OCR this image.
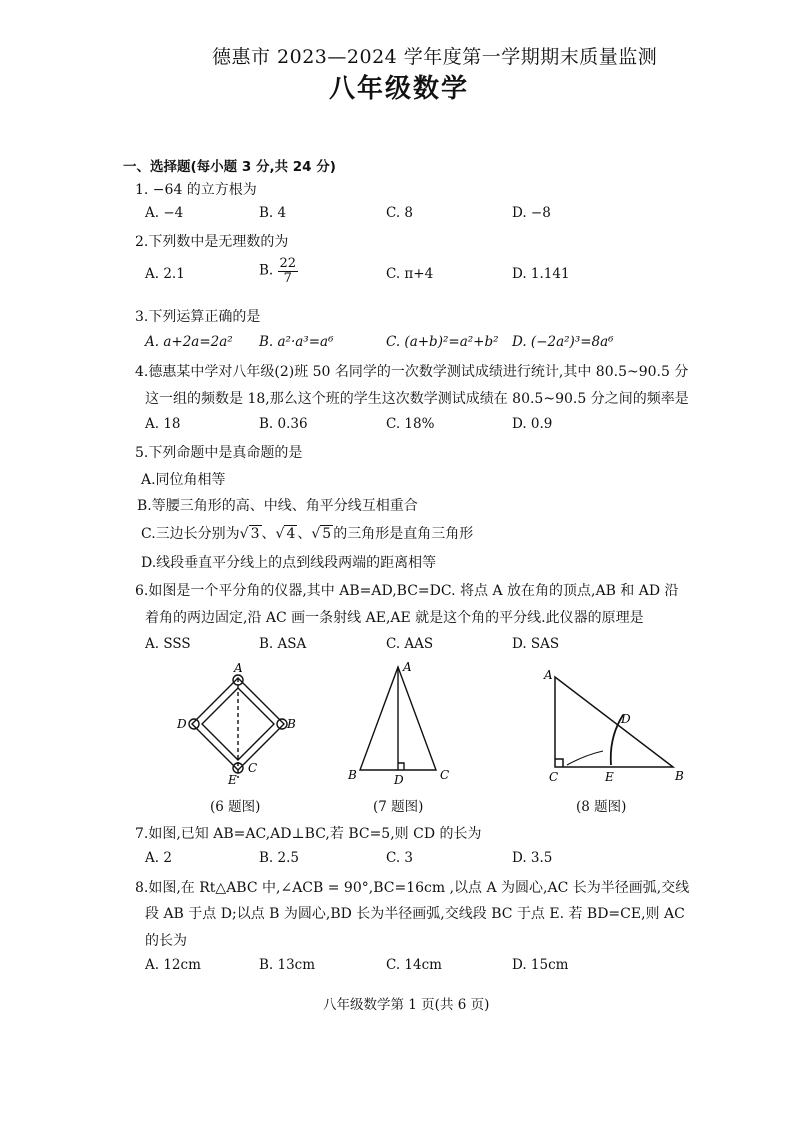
德惠市 2023—2024 学年度第一学期期末质量监测
八年级数学
一、选择题(每小题 3 分,共 24 分)
1. −64 的立方根为
A. −4	B. 4	C. 8	D. −8
2.下列数中是无理数的为
A. 2.1	B. $\frac{22}{7}$	C. π+4	D. 1.141
3.下列运算正确的是
A. a+2a=2a² B. a²·a³=a⁶	C. (a+b)²=a²+b² D. (−2a²)³=8a⁶
4.德惠某中学对八年级(2)班 50 名同学的一次数学测试成绩进行统计,其中 80.5~90.5 分
这一组的频数是 18,那么这个班的学生这次数学测试成绩在 80.5~90.5 分之间的频率是
A. 18	B. 0.36	C. 18%	D. 0.9
5.下列命题中是真命题的是
A.同位角相等
B.等腰三角形的高、中线、角平分线互相重合
C.三边长分别为√ 3 、√ 4 、√ 5 的三角形是直角三角形
D.线段垂直平分线上的点到线段两端的距离相等
6.如图是一个平分角的仪器,其中 AB=AD,BC=DC. 将点 A 放在角的顶点,AB 和 AD 沿
着角的两边固定,沿 AC 画一条射线 AE,AE 就是这个角的平分线.此仪器的原理是
A. SSS	B. ASA	C. AAS	D. SAS
A
B
C
D
E
(6 题图)
A
B	C
D
(7 题图)
A
B
C
D
E
(8 题图)
7.如图,已知 AB=AC,AD⊥BC,若 BC=5,则 CD 的长为
A. 2	B. 2.5	C. 3	D. 3.5
8.如图,在 Rt△ABC 中,∠ACB = 90°,BC=16cm ,以点 A 为圆心,AC 长为半径画弧,交线
段 AB 于点 D;以点 B 为圆心,BD 长为半径画弧,交线段 BC 于点 E. 若 BD=CE,则 AC
的长为
A. 12cm	B. 13cm	C. 14cm	D. 15cm
八年级数学第 1 页(共 6 页)
